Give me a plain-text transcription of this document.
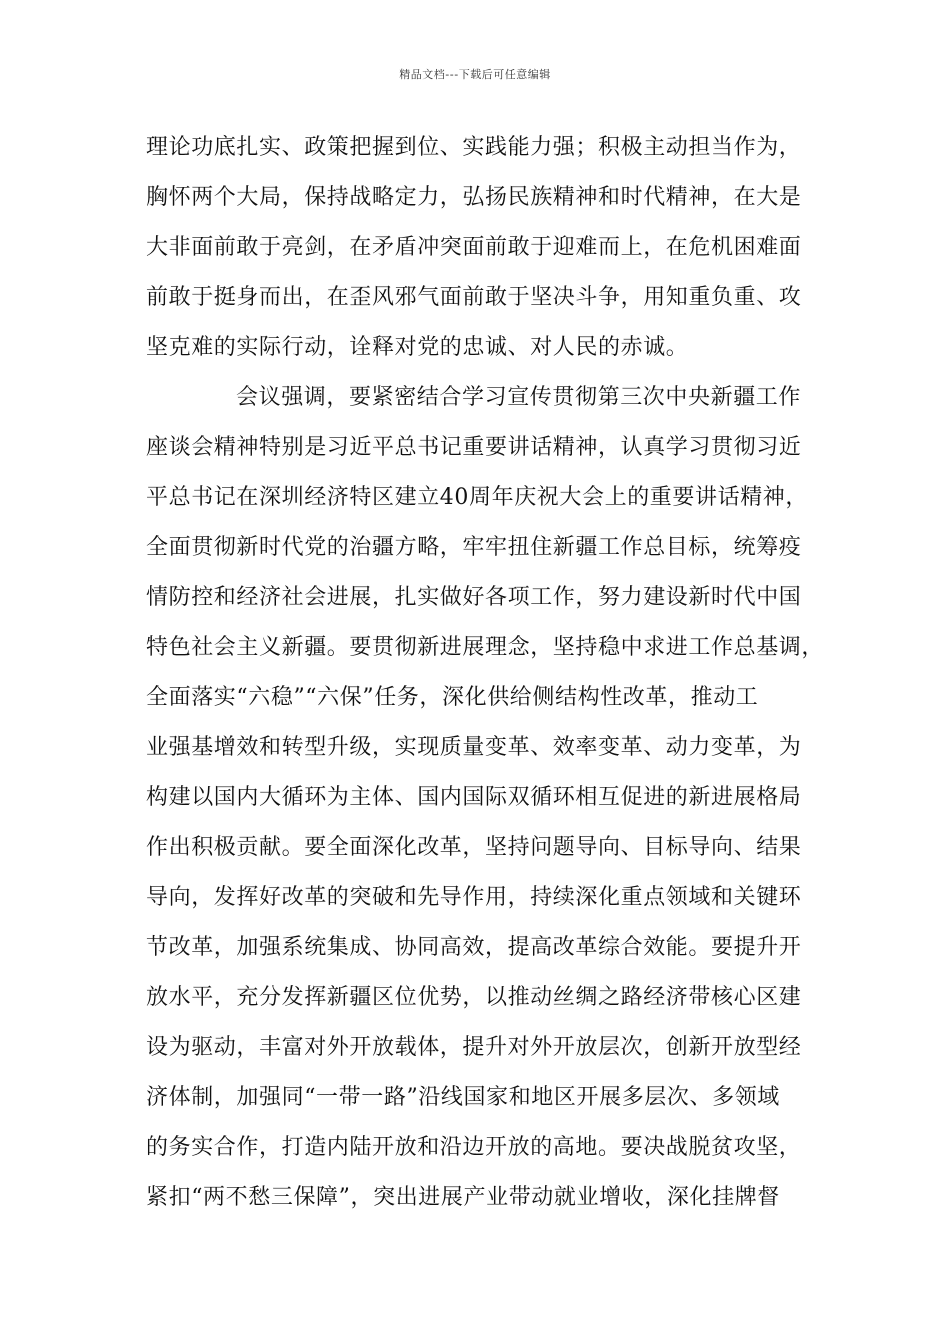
精品文档---下载后可任意编辑
理论功底扎实、政策把握到位、实践能力强；积极主动担当作为，
胸怀两个大局，保持战略定力，弘扬民族精神和时代精神，在大是
大非面前敢于亮剑，在矛盾冲突面前敢于迎难而上，在危机困难面
前敢于挺身而出，在歪风邪气面前敢于坚决斗争，用知重负重、攻
坚克难的实际行动，诠释对党的忠诚、对人民的赤诚。
会议强调，要紧密结合学习宣传贯彻第三次中央新疆工作
座谈会精神特别是习近平总书记重要讲话精神，认真学习贯彻习近
平总书记在深圳经济特区建立40周年庆祝大会上的重要讲话精神，
全面贯彻新时代党的治疆方略，牢牢扭住新疆工作总目标，统筹疫
情防控和经济社会进展，扎实做好各项工作，努力建设新时代中国
特色社会主义新疆。要贯彻新进展理念，坚持稳中求进工作总基调，
全面落实“六稳”“六保”任务，深化供给侧结构性改革，推动工
业强基增效和转型升级，实现质量变革、效率变革、动力变革，为
构建以国内大循环为主体、国内国际双循环相互促进的新进展格局
作出积极贡献。要全面深化改革，坚持问题导向、目标导向、结果
导向，发挥好改革的突破和先导作用，持续深化重点领域和关键环
节改革，加强系统集成、协同高效，提高改革综合效能。要提升开
放水平，充分发挥新疆区位优势，以推动丝绸之路经济带核心区建
设为驱动，丰富对外开放载体，提升对外开放层次，创新开放型经
济体制，加强同“一带一路”沿线国家和地区开展多层次、多领域
的务实合作，打造内陆开放和沿边开放的高地。要决战脱贫攻坚，
紧扣“两不愁三保障”，突出进展产业带动就业增收，深化挂牌督
